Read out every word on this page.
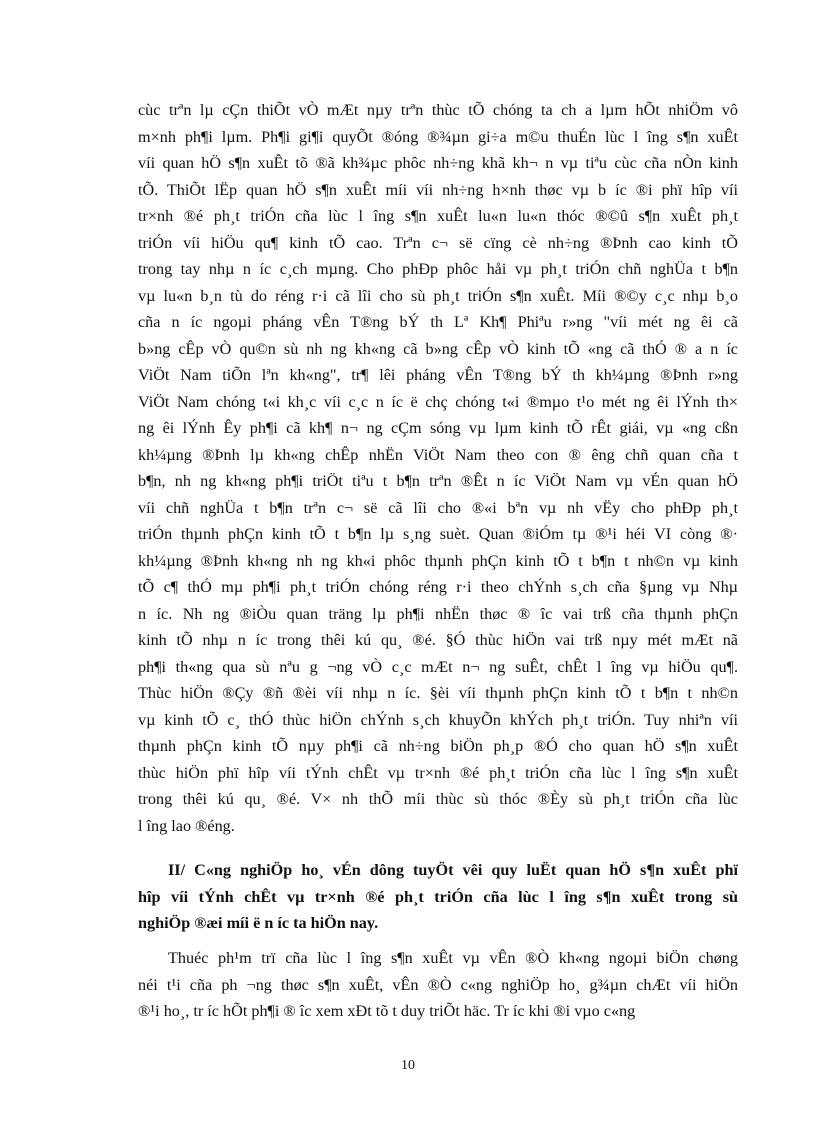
cùc trªn lµ cÇn thiÕt vÒ mÆt nµy trªn thùc tÕ chóng ta ch a lµm hÕt nhiÖm vô
m×nh ph¶i lµm. Ph¶i gi¶i quyÕt ®óng ®¾µn gi÷a m©u thuÉn lùc l îng s¶n xuÊt
víi quan hÖ s¶n xuÊt tõ ®ã kh¾µc phôc nh÷ng khã kh¬ n vµ tiªu cùc cña nÒn kinh
tÕ. ThiÕt lËp quan hÖ s¶n xuÊt míi víi nh÷ng h×nh thøc vµ b íc ®i phï hîp víi
tr×nh ®é ph¸t triÓn cña lùc l îng s¶n xuÊt lu«n lu«n thóc ®©û s¶n xuÊt ph¸t
triÓn víi hiÖu qu¶ kinh tÕ cao. Trªn c¬ së cïng cè nh÷ng ®Þnh cao kinh tÕ
trong tay nhµ n íc c¸ch mµng. Cho phÐp phôc håi vµ ph¸t triÓn chñ nghÜa t b¶n
vµ lu«n b¸n tù do réng r·i cã lîi cho sù ph¸t triÓn s¶n xuÊt. Míi ®©y c¸c nhµ b¸o
cña n íc ngoµi pháng vÊn T®ng bÝ th Lª Kh¶ Phiªu r»ng "víi mét ng êi cã
b»ng cÊp vÒ qu©n sù nh ng kh«ng cã b»ng cÊp vÒ kinh tÕ «ng cã thÓ ® a n íc
ViÖt Nam tiÕn lªn kh«ng", tr¶ lêi pháng vÊn T®ng bÝ th kh¼µng ®Þnh r»ng
ViÖt Nam chóng t«i kh¸c víi c¸c n íc ë chç chóng t«i ®mµo t¹o mét ng êi lÝnh th×
ng êi lÝnh Êy ph¶i cã kh¶ n¬ ng cÇm sóng vµ lµm kinh tÕ rÊt giái, vµ «ng cßn
kh¼µng ®Þnh lµ kh«ng chÊp nhËn ViÖt Nam theo con ® êng chñ quan cña t
b¶n, nh ng kh«ng ph¶i triÖt tiªu t b¶n trªn ®Êt n íc ViÖt Nam vµ vÉn quan hÖ
víi chñ nghÜa t b¶n trªn c¬ së cã lîi cho ®«i bªn vµ nh vËy cho phÐp ph¸t
triÓn thµnh phÇn kinh tÕ t b¶n lµ s¸ng suèt. Quan ®iÓm tµ ®¹i héi VI còng ®·
kh¼µng ®Þnh kh«ng nh ng kh«i phôc thµnh phÇn kinh tÕ t b¶n t nh©n vµ kinh
tÕ c¶ thÓ mµ ph¶i ph¸t triÓn chóng réng r·i theo chÝnh s¸ch cña §µng vµ Nhµ
n íc. Nh ng ®iÒu quan träng lµ ph¶i nhËn thøc ® îc vai trß cña thµnh phÇn
kinh tÕ nhµ n íc trong thêi kú qu¸ ®é. §Ó thùc hiÖn vai trß nµy mét mÆt nã
ph¶i th«ng qua sù nªu g ¬ng vÒ c¸c mÆt n¬ ng suÊt, chÊt l îng vµ hiÖu qu¶.
Thùc hiÖn ®Çy ®ñ ®èi víi nhµ n íc. §èi víi thµnh phÇn kinh tÕ t b¶n t nh©n
vµ kinh tÕ c¸ thÓ thùc hiÖn chÝnh s¸ch khuyÕn khÝch ph¸t triÓn. Tuy nhiªn víi
thµnh phÇn kinh tÕ nµy ph¶i cã nh÷ng biÖn ph¸p ®Ó cho quan hÖ s¶n xuÊt
thùc hiÖn phï hîp víi tÝnh chÊt vµ tr×nh ®é ph¸t triÓn cña lùc l îng s¶n xuÊt
trong thêi kú qu¸ ®é. V× nh thÕ míi thùc sù thóc ®Èy sù ph¸t triÓn cña lùc
l îng lao ®éng.
II/ C«ng nghiÖp ho¸ vÉn dông tuyÖt vêi quy luËt quan hÖ s¶n xuÊt phï
hîp víi tÝnh chÊt vµ tr×nh ®é ph¸t triÓn cña lùc l îng s¶n xuÊt trong sù
nghiÖp ®æi míi ë n íc ta hiÖn nay.
Thuéc ph¹m trï cña lùc l îng s¶n xuÊt vµ vÊn ®Ò kh«ng ngoµi biÖn chøng
néi t¹i cña ph ¬ng thøc s¶n xuÊt, vÊn ®Ò c«ng nghiÖp ho¸ g¾µn chÆt víi hiÖn
®¹i ho¸, tr íc hÕt ph¶i ® îc xem xÐt tõ t duy triÕt häc. Tr íc khi ®i vµo c«ng
10
